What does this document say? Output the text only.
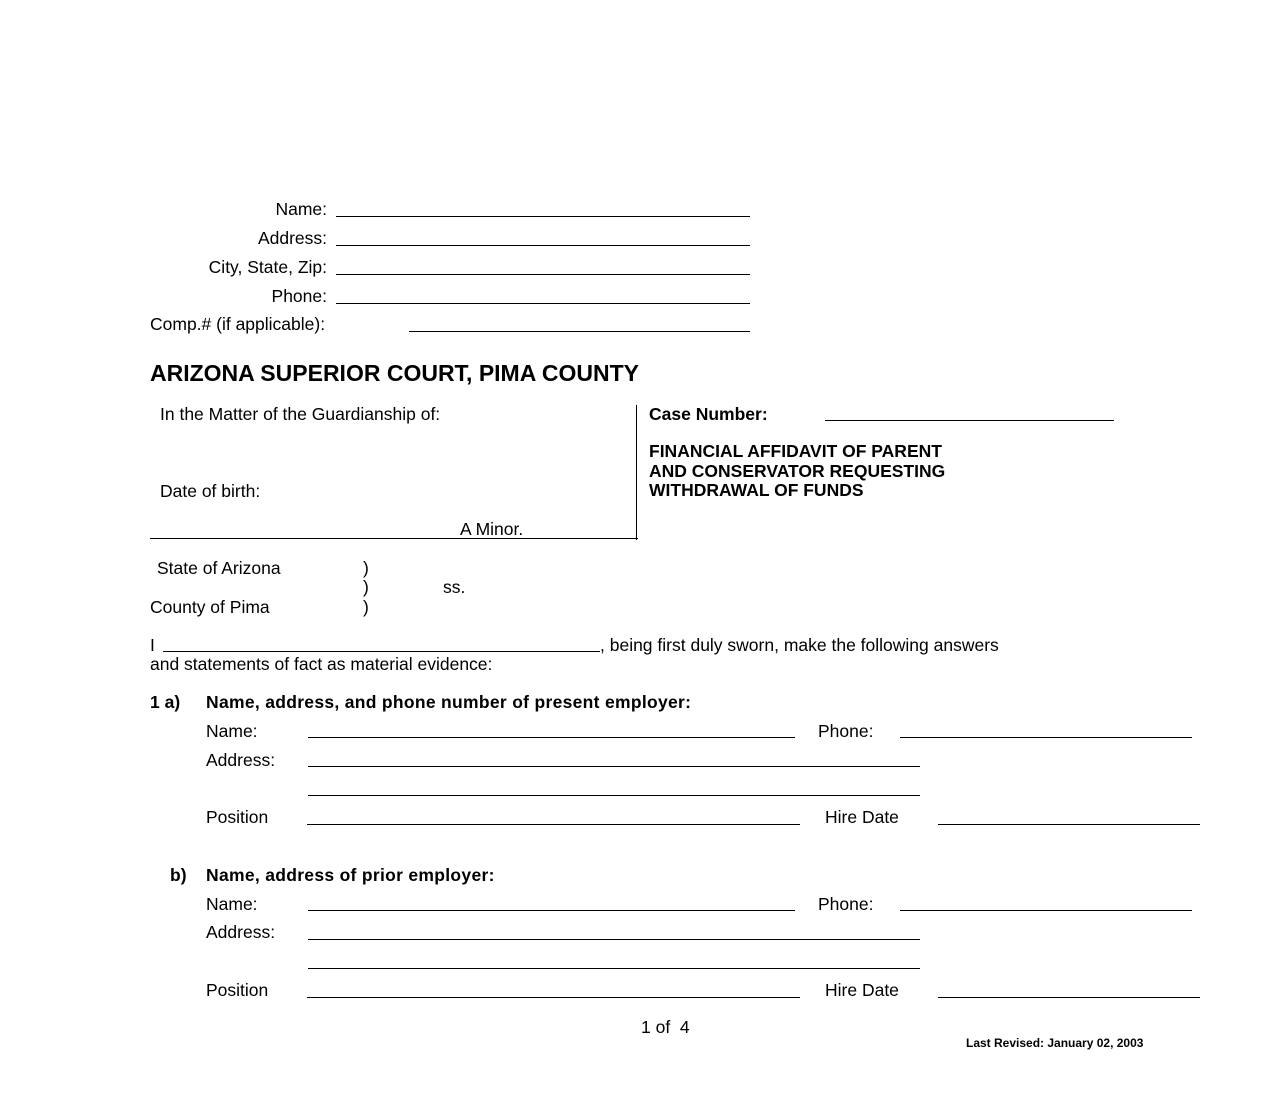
Name:
Address:
City, State, Zip:
Phone:
Comp.# (if applicable):
ARIZONA SUPERIOR COURT, PIMA COUNTY
In the Matter of the Guardianship of:
Date of birth:
A Minor.
Case Number:
FINANCIAL AFFIDAVIT OF PARENT
AND CONSERVATOR REQUESTING
WITHDRAWAL OF FUNDS
State of Arizona	)
)	ss.
County of Pima	)
I	, being first duly sworn, make the following answers
and statements of fact as material evidence:
1 a) Name, address, and phone number of present employer:
Name:	Phone:
Address:
Position	Hire Date
b) Name, address of prior employer:
Name:	Phone:
Address:
Position	Hire Date
1 of  4
Last Revised: January 02, 2003
